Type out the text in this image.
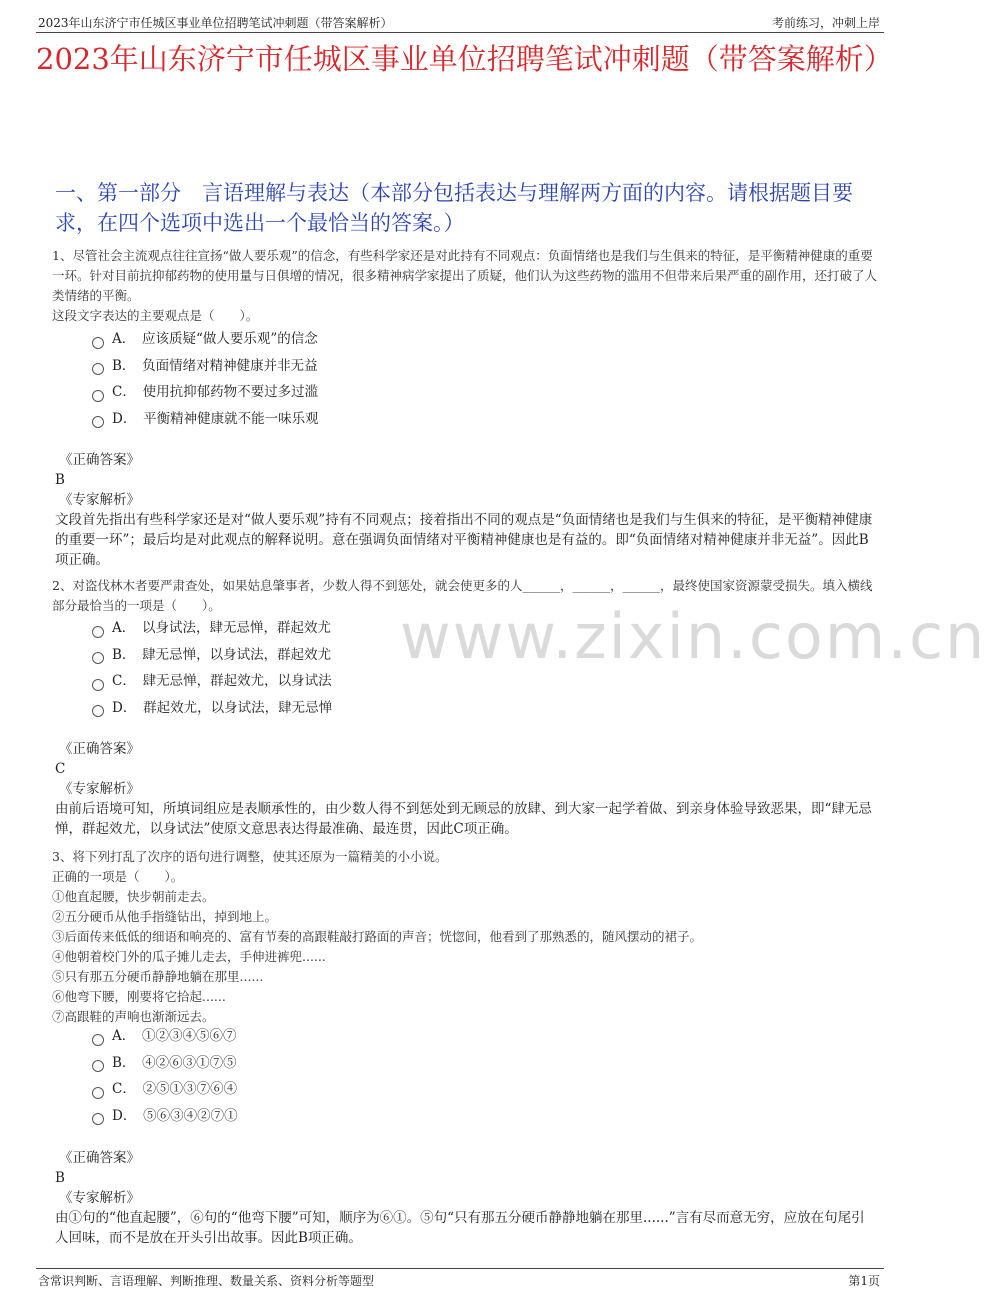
2023年山东济宁市任城区事业单位招聘笔试冲刺题（带答案解析）	考前练习，冲刺上岸
2023年山东济宁市任城区事业单位招聘笔试冲刺题（带答案解析）
一、第一部分　言语理解与表达（本部分包括表达与理解两方面的内容。请根据题目要求，在四个选项中选出一个最恰当的答案。）
www.zixin.com.cn

1、尽管社会主流观点往往宣扬“做人要乐观”的信念，有些科学家还是对此持有不同观点：负面情绪也是我们与生俱来的特征，是平衡精神健康的重要一环。针对目前抗抑郁药物的使用量与日俱增的情况，很多精神病学家提出了质疑，他们认为这些药物的滥用不但带来后果严重的副作用，还打破了人类情绪的平衡。

这段文字表达的主要观点是（　　）。

A．　应该质疑“做人要乐观”的信念
B．　负面情绪对精神健康并非无益
C．　使用抗抑郁药物不要过多过滥
D．　平衡精神健康就不能一味乐观

《正确答案》

B

《专家解析》

文段首先指出有些科学家还是对“做人要乐观”持有不同观点；接着指出不同的观点是“负面情绪也是我们与生俱来的特征，是平衡精神健康的重要一环”；最后均是对此观点的解释说明。意在强调负面情绪对平衡精神健康也是有益的。即“负面情绪对精神健康并非无益”。因此B项正确。

2、对盗伐林木者要严肃查处，如果姑息肇事者，少数人得不到惩处，就会使更多的人______，______，______，最终使国家资源蒙受损失。填入横线部分最恰当的一项是（　　）。

A．　以身试法，肆无忌惮，群起效尤
B．　肆无忌惮，以身试法，群起效尤
C．　肆无忌惮，群起效尤，以身试法
D．　群起效尤，以身试法，肆无忌惮

《正确答案》

C

《专家解析》

由前后语境可知，所填词组应是表顺承性的，由少数人得不到惩处到无顾忌的放肆、到大家一起学着做、到亲身体验导致恶果，即“肆无忌惮，群起效尤，以身试法”使原文意思表达得最准确、最连贯，因此C项正确。

3、将下列打乱了次序的语句进行调整，使其还原为一篇精美的小小说。

正确的一项是（　　）。

①他直起腰，快步朝前走去。

②五分硬币从他手指缝钻出，掉到地上。

③后面传来低低的细语和响亮的、富有节奏的高跟鞋敲打路面的声音；恍惚间，他看到了那熟悉的，随风摆动的裙子。

④他朝着校门外的瓜子摊儿走去，手伸进裤兜......

⑤只有那五分硬币静静地躺在那里......

⑥他弯下腰，刚要将它拾起......

⑦高跟鞋的声响也渐渐远去。

A．　①②③④⑤⑥⑦
B．　④②⑥③①⑦⑤
C．　②⑤①③⑦⑥④
D．　⑤⑥③④②⑦①

《正确答案》

B

《专家解析》

由①句的“他直起腰”，⑥句的“他弯下腰”可知，顺序为⑥①。⑤句“只有那五分硬币静静地躺在那里......”言有尽而意无穷，应放在句尾引人回味，而不是放在开头引出故事。因此B项正确。

含常识判断、言语理解、判断推理、数量关系、资料分析等题型	第1页
